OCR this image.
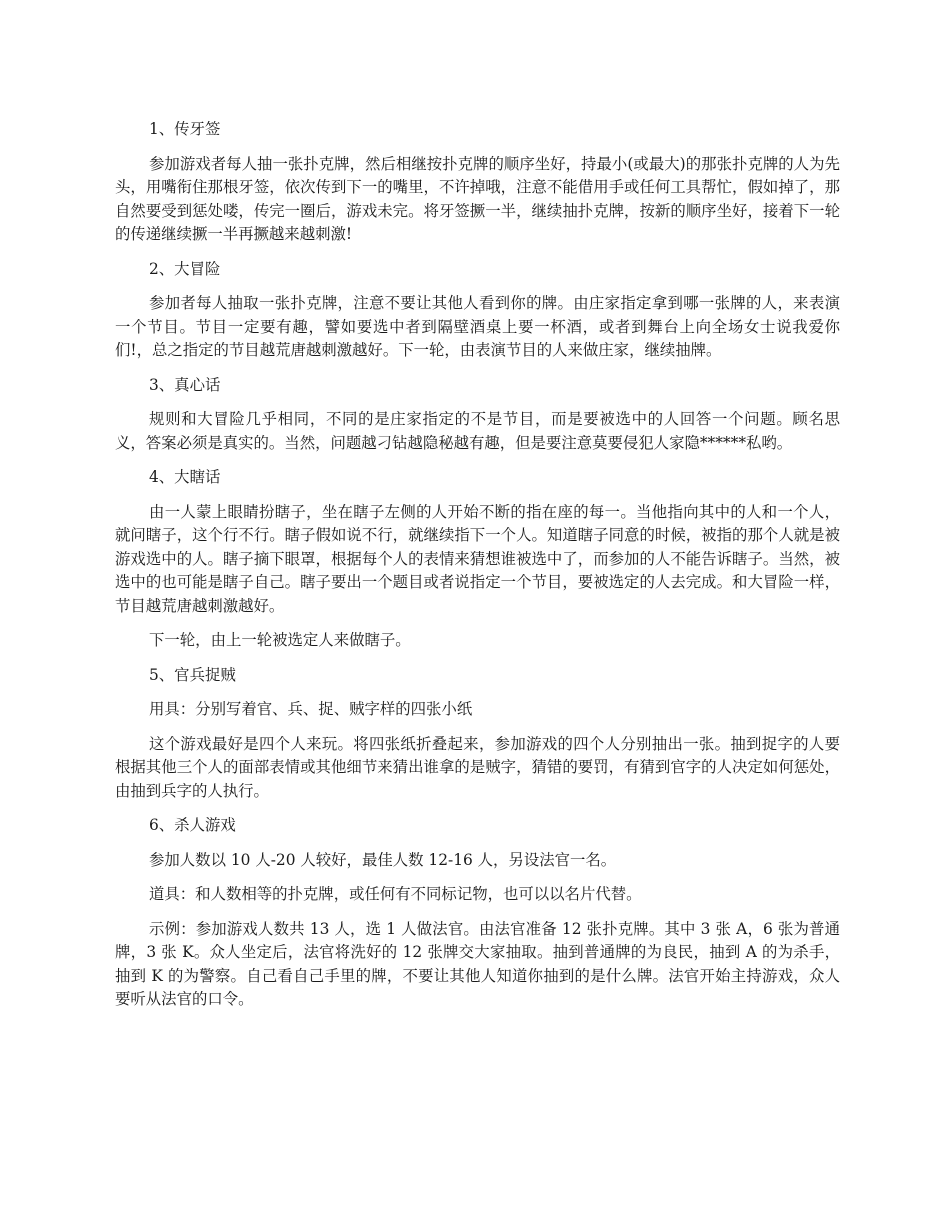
1、传牙签

参加游戏者每人抽一张扑克牌，然后相继按扑克牌的顺序坐好，持最小(或最大)的那张扑克牌的人为先头，用嘴衔住那根牙签，依次传到下一的嘴里，不许掉哦，注意不能借用手或任何工具帮忙，假如掉了，那自然要受到惩处喽，传完一圈后，游戏未完。将牙签撅一半，继续抽扑克牌，按新的顺序坐好，接着下一轮的传递继续撅一半再撅越来越刺激!

2、大冒险

参加者每人抽取一张扑克牌，注意不要让其他人看到你的牌。由庄家指定拿到哪一张牌的人，来表演一个节目。节目一定要有趣，譬如要选中者到隔壁酒桌上要一杯酒，或者到舞台上向全场女士说我爱你们!，总之指定的节目越荒唐越刺激越好。下一轮，由表演节目的人来做庄家，继续抽牌。

3、真心话

规则和大冒险几乎相同，不同的是庄家指定的不是节目，而是要被选中的人回答一个问题。顾名思义，答案必须是真实的。当然，问题越刁钻越隐秘越有趣，但是要注意莫要侵犯人家隐******私哟。

4、大瞎话

由一人蒙上眼睛扮瞎子，坐在瞎子左侧的人开始不断的指在座的每一。当他指向其中的人和一个人，就问瞎子，这个行不行。瞎子假如说不行，就继续指下一个人。知道瞎子同意的时候，被指的那个人就是被游戏选中的人。瞎子摘下眼罩，根据每个人的表情来猜想谁被选中了，而参加的人不能告诉瞎子。当然，被选中的也可能是瞎子自己。瞎子要出一个题目或者说指定一个节目，要被选定的人去完成。和大冒险一样，节目越荒唐越刺激越好。

下一轮，由上一轮被选定人来做瞎子。

5、官兵捉贼

用具：分别写着官、兵、捉、贼字样的四张小纸

这个游戏最好是四个人来玩。将四张纸折叠起来，参加游戏的四个人分别抽出一张。抽到捉字的人要根据其他三个人的面部表情或其他细节来猜出谁拿的是贼字，猜错的要罚，有猜到官字的人决定如何惩处，由抽到兵字的人执行。

6、杀人游戏

参加人数以 10 人-20 人较好，最佳人数 12-16 人，另设法官一名。

道具：和人数相等的扑克牌，或任何有不同标记物，也可以以名片代替。

示例：参加游戏人数共 13 人，选 1 人做法官。由法官准备 12 张扑克牌。其中 3 张 A，6 张为普通牌，3 张 K。众人坐定后，法官将洗好的 12 张牌交大家抽取。抽到普通牌的为良民，抽到 A 的为杀手，抽到 K 的为警察。自己看自己手里的牌，不要让其他人知道你抽到的是什么牌。法官开始主持游戏，众人要听从法官的口令。
